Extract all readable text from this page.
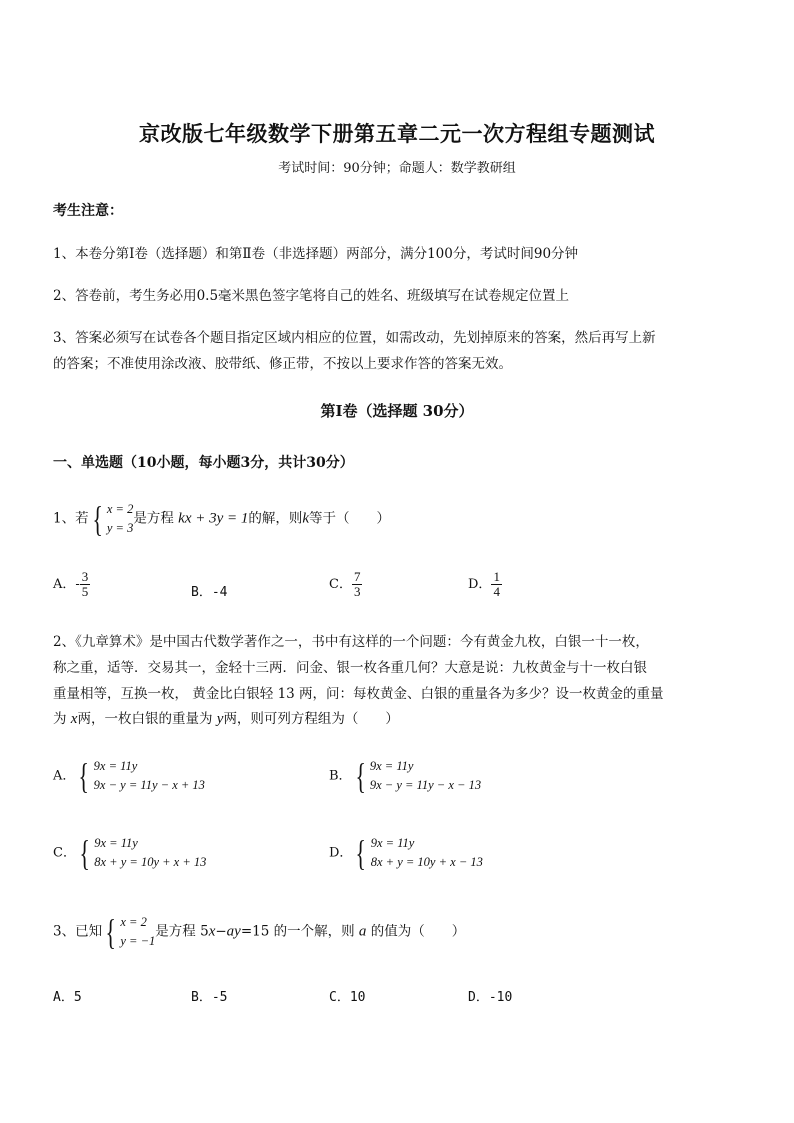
京改版七年级数学下册第五章二元一次方程组专题测试
考试时间：90分钟；命题人：数学教研组
考生注意：
1、本卷分第Ⅰ卷（选择题）和第Ⅱ卷（非选择题）两部分，满分100分，考试时间90分钟
2、答卷前，考生务必用0.5毫米黑色签字笔将自己的姓名、班级填写在试卷规定位置上
3、答案必须写在试卷各个题目指定区域内相应的位置，如需改动，先划掉原来的答案，然后再写上新
的答案；不准使用涂改液、胶带纸、修正带，不按以上要求作答的答案无效。
第Ⅰ卷（选择题 30分）
一、单选题（10小题，每小题3分，共计30分）
1、若 { x = 2
y = 3
是方程 kx + 3y = 1的解，则k等于（　　）
A．- $\frac{3}{5}$	B．-4
C． $\frac{7}{3}$	D． $\frac{1}{4}$
2、《九章算术》是中国古代数学著作之一，书中有这样的一个问题：今有黄金九枚，白银一十一枚，
称之重，适等．交易其一，金轻十三两．问金、银一枚各重几何？大意是说：九枚黄金与十一枚白银
重量相等，互换一枚， 黄金比白银轻 13 两，问：每枚黄金、白银的重量各为多少？设一枚黄金的重量
为 x两，一枚白银的重量为 y两，则可列方程组为（　　）
A． { 9x = 11y
9x − y = 11y − x + 13
B． { 9x = 11y
9x − y = 11y − x − 13
C． { 9x = 11y
8x + y = 10y + x + 13
D． { 9x = 11y
8x + y = 10y + x − 13
3、已知 { x = 2
y = −1
是方程 5x−ay=15 的一个解，则 a 的值为（　　）
A．5	B．-5	C．10	D．-10
